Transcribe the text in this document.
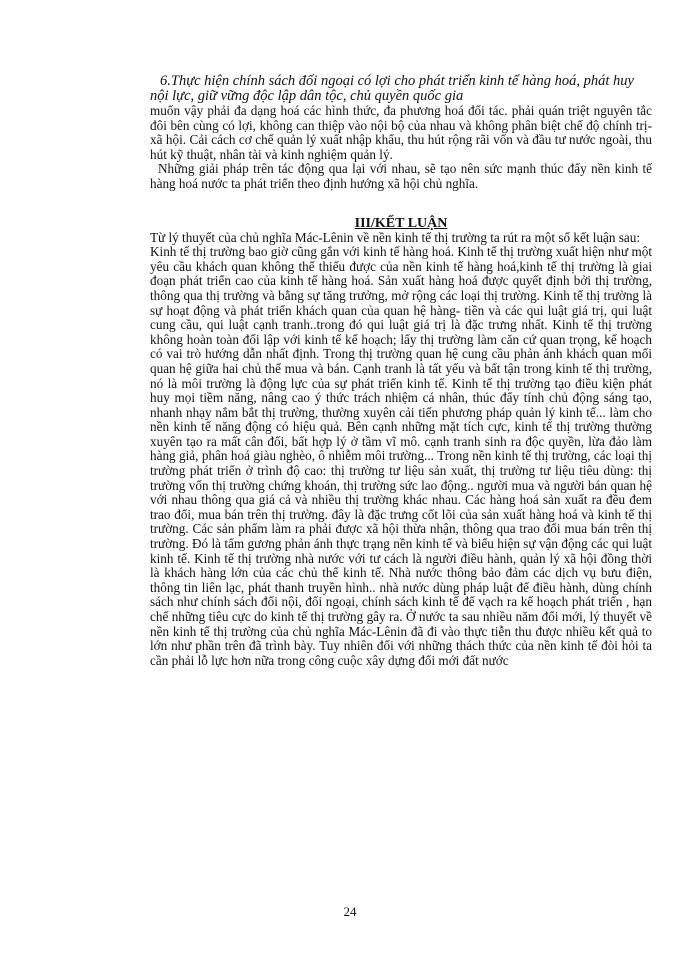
6.Thực hiện chính sách đối ngoại có lợi cho phát triển kinh tế hàng hoá, phát huy nội lực, giữ vững độc lập dân tộc, chủ quyền quốc gia

muốn vậy phải đa dạng hoá các hình thức, đa phương hoá đối tác. phải quán triệt nguyên tắc đôi bên cùng có lợi, không can thiệp vào nội bộ của nhau và không phân biệt chế độ chính trị- xã hội. Cải cách cơ chế quản lý xuất nhập khẩu, thu hút rộng rãi vốn và đầu tư nước ngoài, thu hút kỹ thuật, nhân tài và kinh nghiệm quản lý.

Những giải pháp trên tác động qua lại với nhau, sẽ tạo nên sức mạnh thúc đẩy nền kinh tế hàng hoá nước ta phát triển theo định hướng xã hội chủ nghĩa.

III/KẾT LUẬN

Từ lý thuyết của chủ nghĩa Mác-Lênin về nền kinh tế thị trường ta rút ra một số kết luận sau:

Kinh tế thị trường bao giờ cũng gắn với kinh tế hàng hoá. Kinh tế thị trường xuất hiện như một yêu cầu khách quan không thể thiếu được của nền kinh tế hàng hoá,kinh tế thị trường là giai đoạn phát triển cao của kinh tế hàng hoá. Sản xuất hàng hoá được quyết định bởi thị trường, thông qua thị trường và bằng sự tăng trưởng, mở rộng các loại thị trường. Kinh tế thị trường là sự hoạt động và phát triển khách quan của quan hệ hàng- tiền và các qui luật giá trị, qui luật cung cầu, qui luật cạnh tranh..trong đó qui luật giá trị là đặc trưng nhất. Kinh tế thị trường không hoàn toàn đối lập với kinh tế kế hoạch; lấy thị trường làm căn cứ quan trọng, kế hoạch có vai trò hướng dẫn nhất định. Trong thị trường quan hệ cung cầu phản ánh khách quan mối quan hệ giữa hai chủ thể mua và bán. Cạnh tranh là tất yếu và bất tận trong kinh tế thị trường, nó là môi trường là động lực của sự phát triển kinh tế. Kinh tế thị trường tạo điều kiện phát huy mọi tiềm năng, nâng cao ý thức trách nhiệm cá nhân, thúc đẩy tính chủ động sáng tạo, nhanh nhạy nắm bắt thị trường, thường xuyên cải tiến phương pháp quản lý kinh tế... làm cho nền kinh tế năng động có hiệu quả. Bên cạnh những mặt tích cực, kinh tế thị trường thường xuyên tạo ra mất cân đối, bất hợp lý ở tầm vĩ mô. cạnh tranh sinh ra độc quyền, lừa đảo làm hàng giả, phân hoá giàu nghèo, ô nhiễm môi trường... Trong nền kinh tế thị trường, các loại thị trường phát triển ở trình độ cao: thị trường tư liệu sản xuất, thị trường tư liệu tiêu dùng: thị trường vốn thị trường chứng khoán, thị trường sức lao động.. người mua và người bán quan hệ với nhau thông qua giá cả và nhiều thị trường khác nhau. Các hàng hoá sản xuất ra đều đem trao đổi, mua bán trên thị trường. đây là đặc trưng cốt lõi của sản xuất hàng hoá và kinh tế thị trường. Các sản phẩm làm ra phải được xã hội thừa nhận, thông qua trao đổi mua bán trên thị trường. Đó là tấm gương phản ánh thực trạng nền kinh tế và biểu hiện sự vận động các qui luật kinh tế. Kinh tế thị trường nhà nước với tư cách là người điều hành, quản lý xã hội đồng thời là khách hàng lớn của các chủ thể kinh tế. Nhà nước thông bảo đảm các dịch vụ bưu điện, thông tin liên lạc, phát thanh truyền hình.. nhà nước dùng pháp luật để điều hành, dùng chính sách như chính sách đối nội, đối ngoại, chính sách kinh tế để vạch ra kế hoạch phát triển , hạn chế những tiêu cực do kinh tế thị trường gây ra. Ở nước ta sau nhiều năm đổi mới, lý thuyết về nền kinh tế thị trường của chủ nghĩa Mác-Lênin đã đi vào thực tiễn thu được nhiều kết quả to lớn như phần trên đã trình bày. Tuy nhiên đối với những thách thức của nền kinh tế đòi hỏi ta cần phải lỗ lực hơn nữa trong công cuộc xây dựng đổi mới đất nước

24
